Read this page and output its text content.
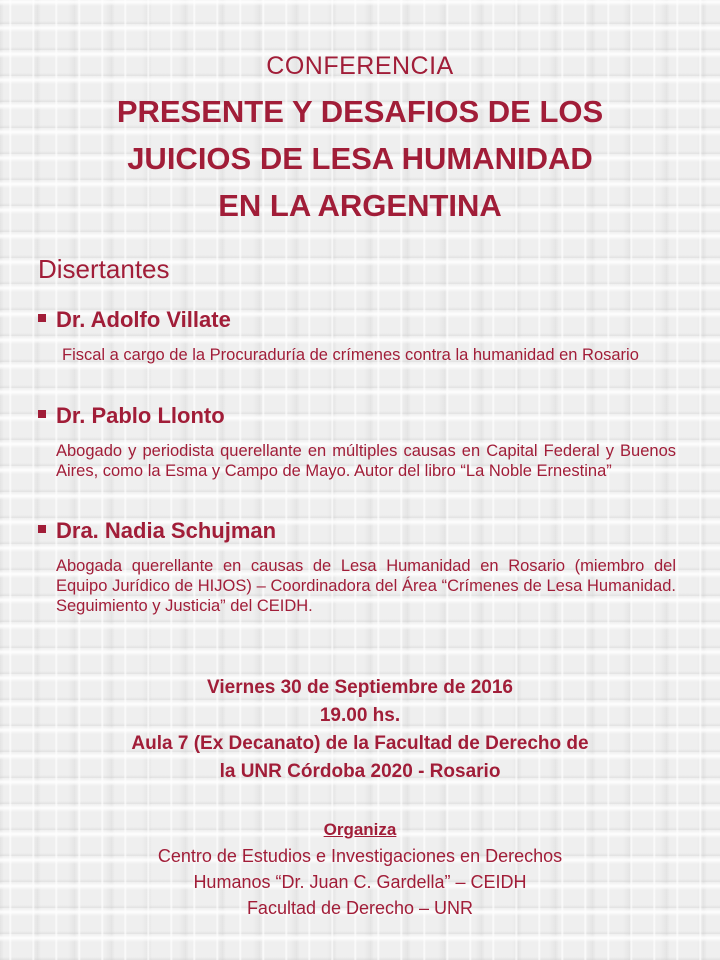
CONFERENCIA
PRESENTE Y DESAFIOS DE LOS
JUICIOS DE LESA HUMANIDAD
EN LA ARGENTINA
Disertantes
Dr. Adolfo Villate
Fiscal a cargo de la Procuraduría de crímenes contra la humanidad en Rosario
Dr. Pablo Llonto
Abogado y periodista querellante en múltiples causas en Capital Federal y Buenos Aires, como la Esma y Campo de Mayo. Autor del libro “La Noble Ernestina”
Dra. Nadia Schujman
Abogada querellante en causas de Lesa Humanidad en Rosario (miembro del Equipo Jurídico de HIJOS) – Coordinadora del Área “Crímenes de Lesa Humanidad. Seguimiento y Justicia” del CEIDH.
Viernes 30 de Septiembre de 2016
19.00 hs.
Aula 7 (Ex Decanato) de la Facultad de Derecho de
la UNR Córdoba 2020 - Rosario
Organiza
Centro de Estudios e Investigaciones en Derechos
Humanos “Dr. Juan C. Gardella” – CEIDH
Facultad de Derecho – UNR
